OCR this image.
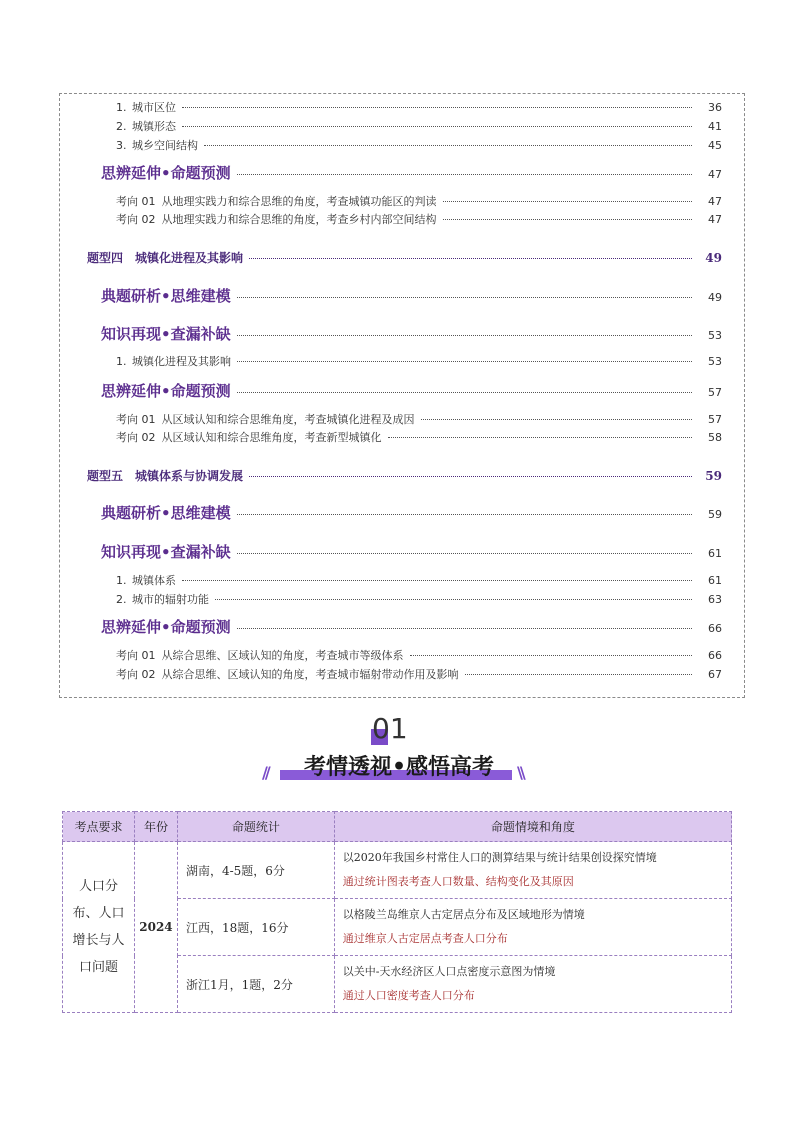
1. 城市区位	36
2. 城镇形态	41
3. 城乡空间结构	45
思辨延伸•命题预测	47
考向 01 从地理实践力和综合思维的角度，考查城镇功能区的判读	47
考向 02 从地理实践力和综合思维的角度，考查乡村内部空间结构	47
题型四　城镇化进程及其影响	49
典题研析•思维建模	49
知识再现•查漏补缺	53
1. 城镇化进程及其影响	53
思辨延伸•命题预测	57
考向 01 从区域认知和综合思维角度，考查城镇化进程及成因	57
考向 02 从区域认知和综合思维角度，考查新型城镇化	58
题型五　城镇体系与协调发展	59
典题研析•思维建模	59
知识再现•查漏补缺	61
1. 城镇体系	61
2. 城市的辐射功能	63
思辨延伸•命题预测	66
考向 01 从综合思维、区域认知的角度，考查城市等级体系	66
考向 02 从综合思维、区域认知的角度，考查城市辐射带动作用及影响	67
01
考情透视•感悟高考
//	\\
考点要求	年份	命题统计	命题情境和角度

人口分布、人口增长与人口问题	2024	湖南，4-5题，6分	以2020年我国乡村常住人口的测算结果与统计结果创设探究情境
通过统计图表考查人口数量、结构变化及其原因

		江西，18题，16分	以格陵兰岛维京人古定居点分布及区域地形为情境
通过维京人古定居点考查人口分布

		浙江1月，1题，2分	以关中-天水经济区人口点密度示意图为情境
通过人口密度考查人口分布
